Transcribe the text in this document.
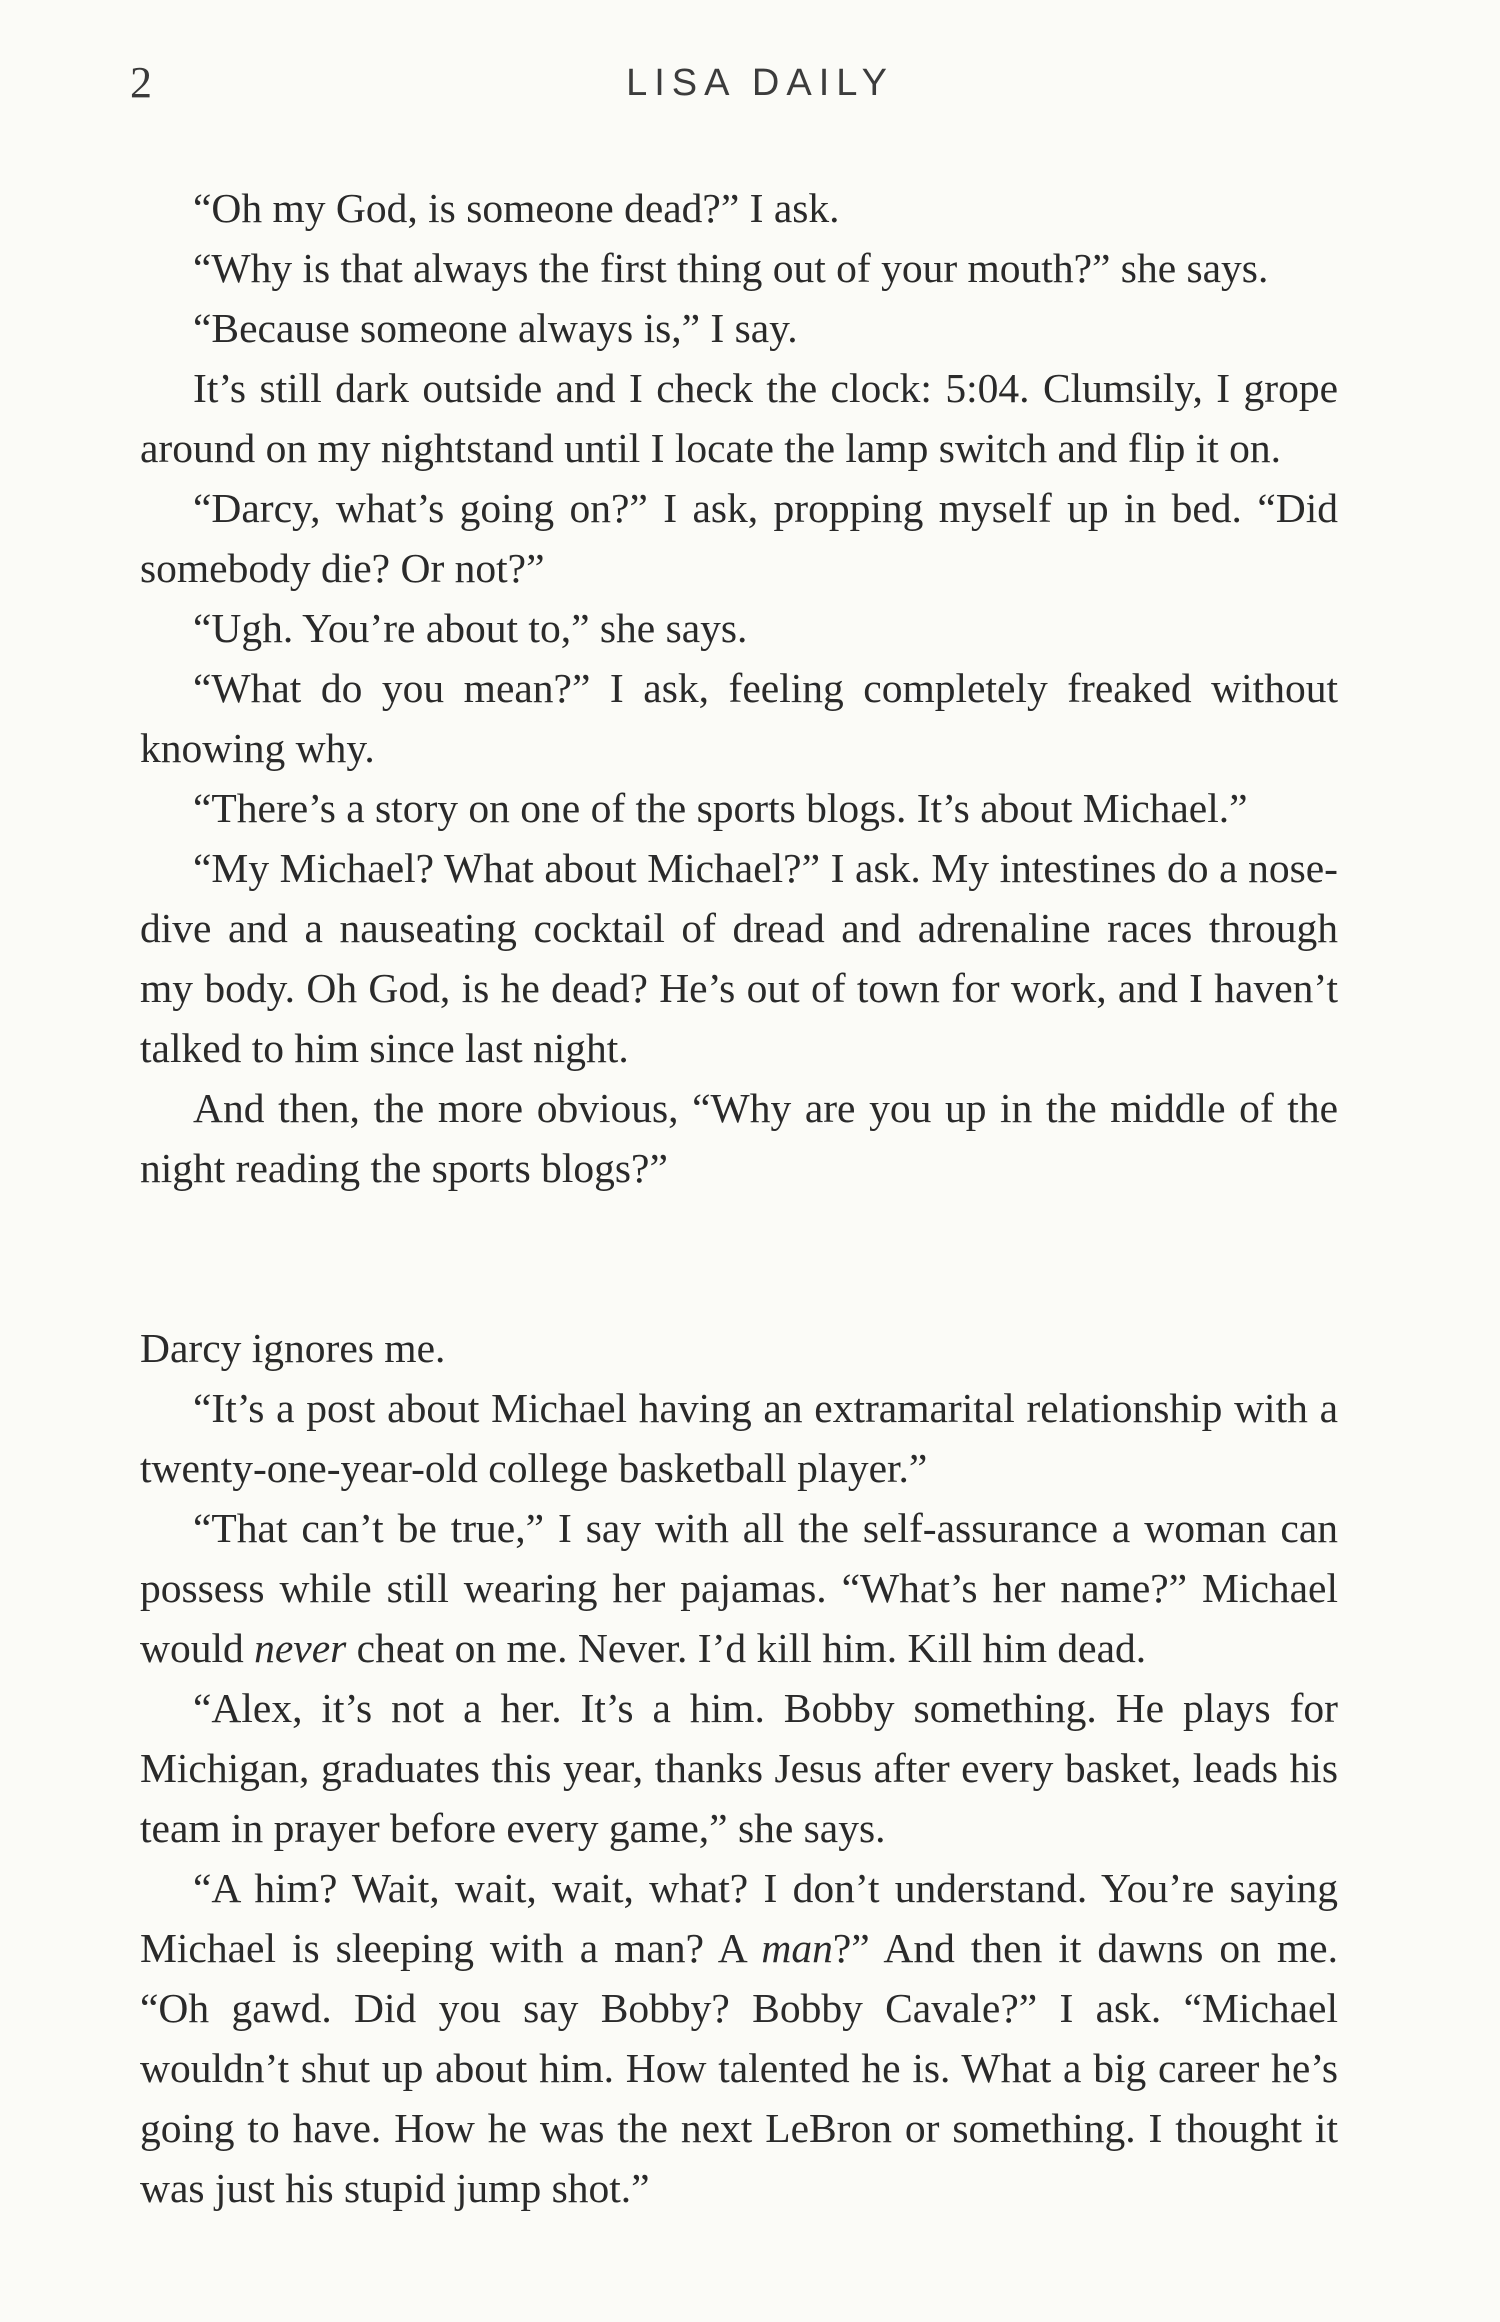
2	LISA DAILY

“Oh my God, is someone dead?” I ask.

“Why is that always the first thing out of your mouth?” she says.

“Because someone always is,” I say.

It’s still dark outside and I check the clock: 5:04. Clumsily, I grope around on my nightstand until I locate the lamp switch and flip it on.

“Darcy, what’s going on?” I ask, propping myself up in bed. “Did somebody die? Or not?”

“Ugh. You’re about to,” she says.

“What do you mean?” I ask, feeling completely freaked without knowing why.

“There’s a story on one of the sports blogs. It’s about Michael.”

“My Michael? What about Michael?” I ask. My intestines do a nose-dive and a nauseating cocktail of dread and adrenaline races through my body. Oh God, is he dead? He’s out of town for work, and I haven’t talked to him since last night.

And then, the more obvious, “Why are you up in the middle of the night reading the sports blogs?”

Darcy ignores me.

“It’s a post about Michael having an extramarital relationship with a twenty-one-year-old college basketball player.”

“That can’t be true,” I say with all the self-assurance a woman can possess while still wearing her pajamas. “What’s her name?” Michael would never cheat on me. Never. I’d kill him. Kill him dead.

“Alex, it’s not a her. It’s a him. Bobby something. He plays for Michigan, graduates this year, thanks Jesus after every basket, leads his team in prayer before every game,” she says.

“A him? Wait, wait, wait, what? I don’t understand. You’re saying Michael is sleeping with a man? A man?” And then it dawns on me. “Oh gawd. Did you say Bobby? Bobby Cavale?” I ask. “Michael wouldn’t shut up about him. How talented he is. What a big career he’s going to have. How he was the next LeBron or something. I thought it was just his stupid jump shot.”
